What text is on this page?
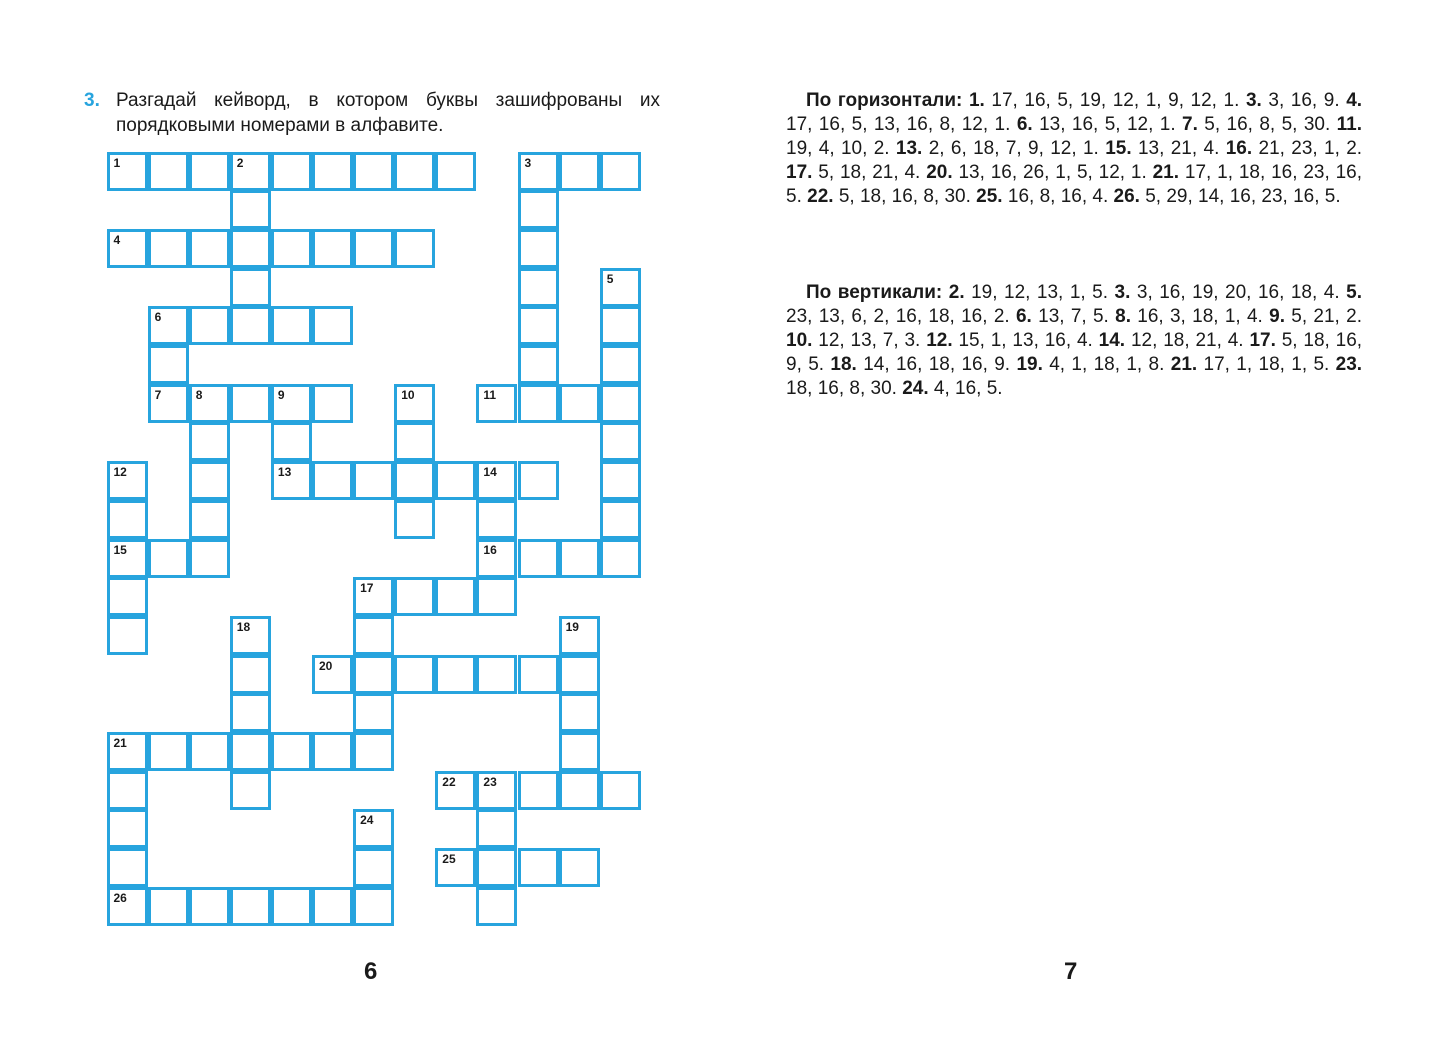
3. Разгадай кейворд, в котором буквы зашифрованы их порядковыми номерами в алфавите.
1	2	3
4
5
6
7	8	9	10	11
12	13	14
15	16
17
18	19
20
21
22 23
24
25
26
6	7

По горизонтали: 1. 17, 16, 5, 19, 12, 1, 9, 12, 1. 3. 3, 16, 9. 4. 17, 16, 5, 13, 16, 8, 12, 1. 6. 13, 16, 5, 12, 1. 7. 5, 16, 8, 5, 30. 11. 19, 4, 10, 2. 13. 2, 6, 18, 7, 9, 12, 1. 15. 13, 21, 4. 16. 21, 23, 1, 2. 17. 5, 18, 21, 4. 20. 13, 16, 26, 1, 5, 12, 1. 21. 17, 1, 18, 16, 23, 16, 5. 22. 5, 18, 16, 8, 30. 25. 16, 8, 16, 4. 26. 5, 29, 14, 16, 23, 16, 5.

По вертикали: 2. 19, 12, 13, 1, 5. 3. 3, 16, 19, 20, 16, 18, 4. 5. 23, 13, 6, 2, 16, 18, 16, 2. 6. 13, 7, 5. 8. 16, 3, 18, 1, 4. 9. 5, 21, 2. 10. 12, 13, 7, 3. 12. 15, 1, 13, 16, 4. 14. 12, 18, 21, 4. 17. 5, 18, 16, 9, 5. 18. 14, 16, 18, 16, 9. 19. 4, 1, 18, 1, 8. 21. 17, 1, 18, 1, 5. 23. 18, 16, 8, 30. 24. 4, 16, 5.
